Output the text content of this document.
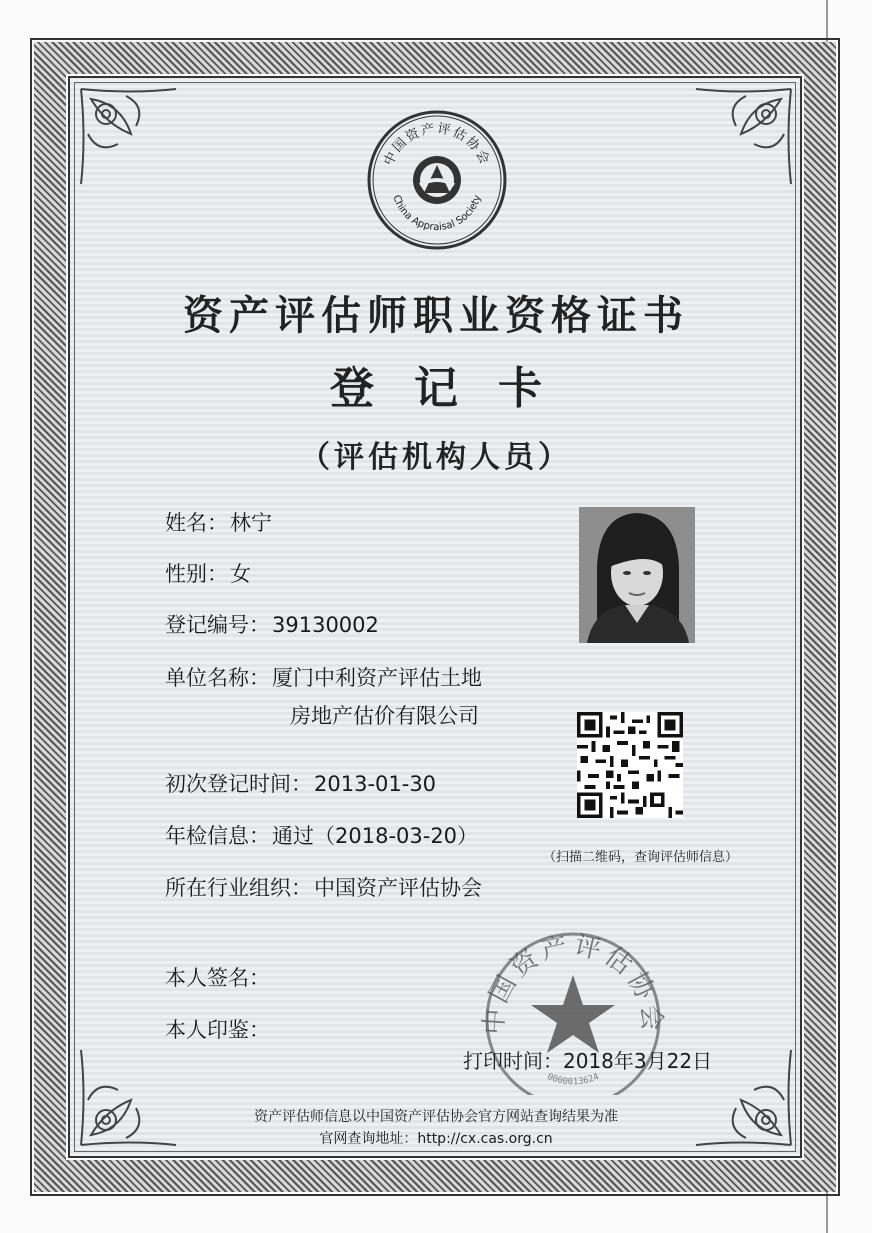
中国资产评估协会
China Appraisal Society
资产评估师职业资格证书
登记卡
（评估机构人员）
姓名：林宁
性别：女
登记编号：39130002
单位名称：厦门中利资产评估土地
房地产估价有限公司
初次登记时间：2013-01-30
年检信息：通过（2018-03-20）
所在行业组织：中国资产评估协会
本人签名：
本人印鉴：
（扫描二维码，查询评估师信息）
中国资产评估协会
0000013624
打印时间：2018年3月22日
资产评估师信息以中国资产评估协会官方网站查询结果为准
官网查询地址：http://cx.cas.org.cn
